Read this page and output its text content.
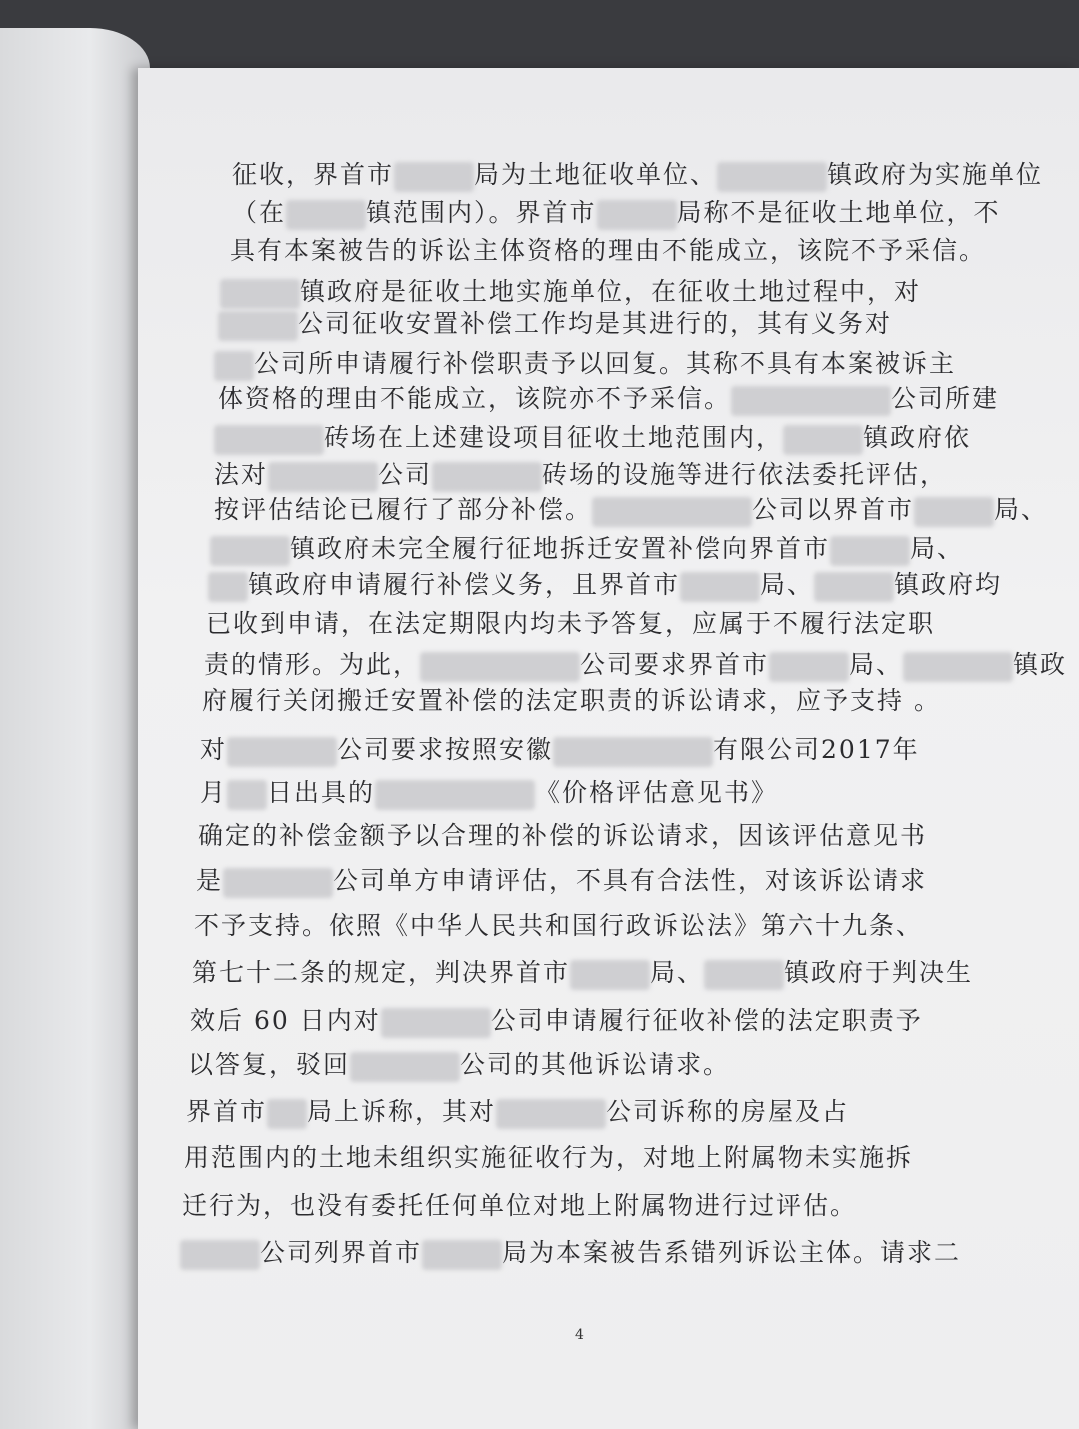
征收，界首市	局为土地征收单位、	镇政府为实施单位
（在	镇范围内）。界首市	局称不是征收土地单位，不
具有本案被告的诉讼主体资格的理由不能成立，该院不予采信。
镇政府是征收土地实施单位，在征收土地过程中，对
公司征收安置补偿工作均是其进行的，其有义务对
公司所申请履行补偿职责予以回复。其称不具有本案被诉主
体资格的理由不能成立，该院亦不予采信。	公司所建
砖场在上述建设项目征收土地范围内，	镇政府依
法对	公司	砖场的设施等进行依法委托评估，
按评估结论已履行了部分补偿。	公司以界首市	局、
镇政府未完全履行征地拆迁安置补偿向界首市	局、
镇政府申请履行补偿义务，且界首市	局、	镇政府均
已收到申请，在法定期限内均未予答复，应属于不履行法定职
责的情形。为此，	公司要求界首市	局、	镇政
府履行关闭搬迁安置补偿的法定职责的诉讼请求，应予支持 。
对	公司要求按照安徽	有限公司2017年
月 日出具的	《价格评估意见书》
确定的补偿金额予以合理的补偿的诉讼请求，因该评估意见书
是	公司单方申请评估，不具有合法性，对该诉讼请求
不予支持。依照《中华人民共和国行政诉讼法》第六十九条、
第七十二条的规定，判决界首市	局、	镇政府于判决生
效后 60 日内对	公司申请履行征收补偿的法定职责予
以答复，驳回	公司的其他诉讼请求。
界首市 局上诉称，其对	公司诉称的房屋及占
用范围内的土地未组织实施征收行为，对地上附属物未实施拆
迁行为，也没有委托任何单位对地上附属物进行过评估。
公司列界首市	局为本案被告系错列诉讼主体。请求二
4
